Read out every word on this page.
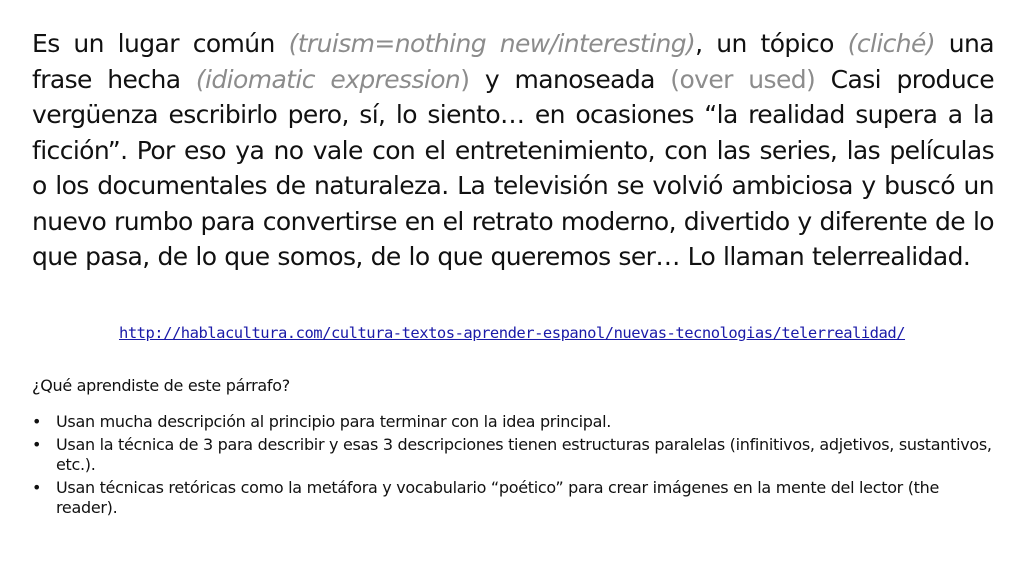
Es un lugar común (truism=nothing new/interesting), un tópico (cliché) una frase hecha (idiomatic expression) y manoseada (over used) Casi produce vergüenza escribirlo pero, sí, lo siento… en ocasiones “la realidad supera a la ficción”. Por eso ya no vale con el entretenimiento, con las series, las películas o los documentales de naturaleza. La televisión se volvió ambiciosa y buscó un nuevo rumbo para convertirse en el retrato moderno, divertido y diferente de lo que pasa, de lo que somos, de lo que queremos ser… Lo llaman telerrealidad.

http://hablacultura.com/cultura-textos-aprender-espanol/nuevas-tecnologias/telerrealidad/

¿Qué aprendiste de este párrafo?

• Usan mucha descripción al principio para terminar con la idea principal.
• Usan la técnica de 3 para describir y esas 3 descripciones tienen estructuras paralelas (infinitivos, adjetivos, sustantivos, etc.).
• Usan técnicas retóricas como la metáfora y vocabulario “poético” para crear imágenes en la mente del lector (the reader).
